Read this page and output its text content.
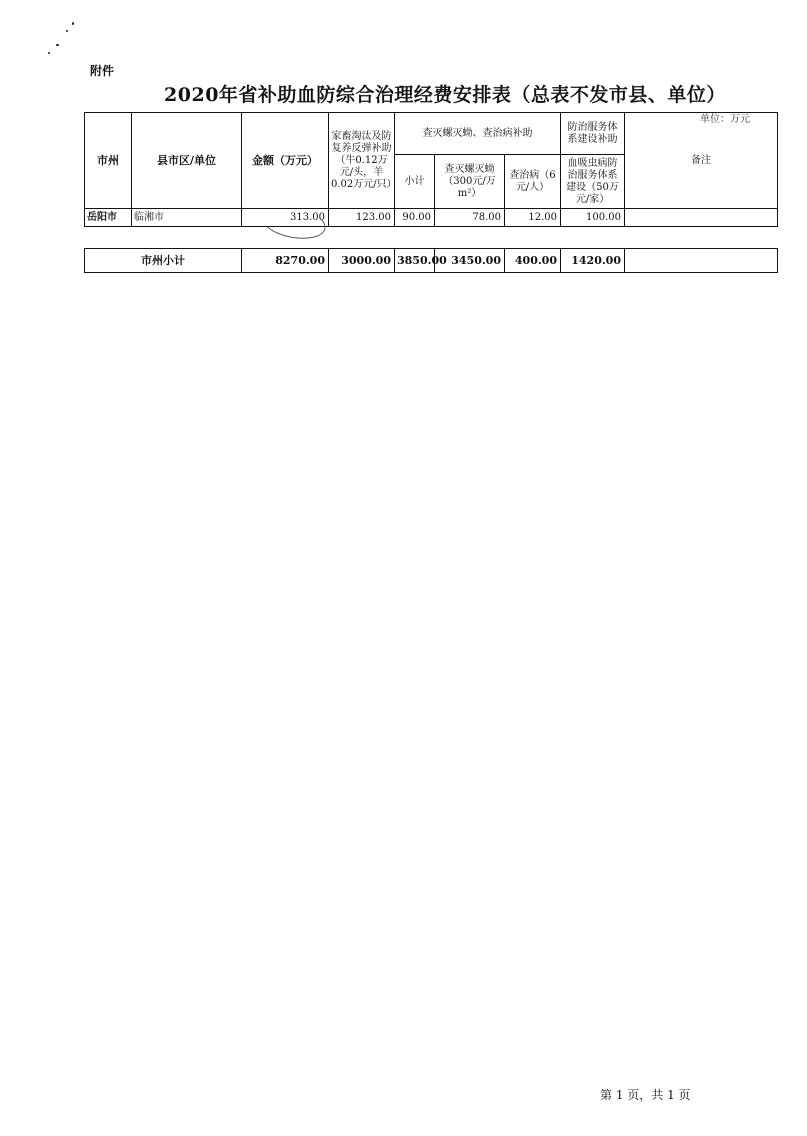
附件
2020年省补助血防综合治理经费安排表（总表不发市县、单位）
单位：万元
市州	县市区/单位	金额（万元）	家畜淘汰及防复养反弹补助（牛0.12万元/头，羊0.02万元/只）	查灭螺灭蚴、查治病补助			防治服务体系建设补助	备注
				小计	查灭螺灭蚴（300元/万m²）	查治病（6元/人）	血吸虫病防治服务体系建设（50万元/家）	
岳阳市	临湘市	313.00	123.00	90.00	78.00	12.00	100.00	
市州小计	8270.00	3000.00	3850.00	3450.00	400.00	1420.00	
第 1 页，共 1 页
